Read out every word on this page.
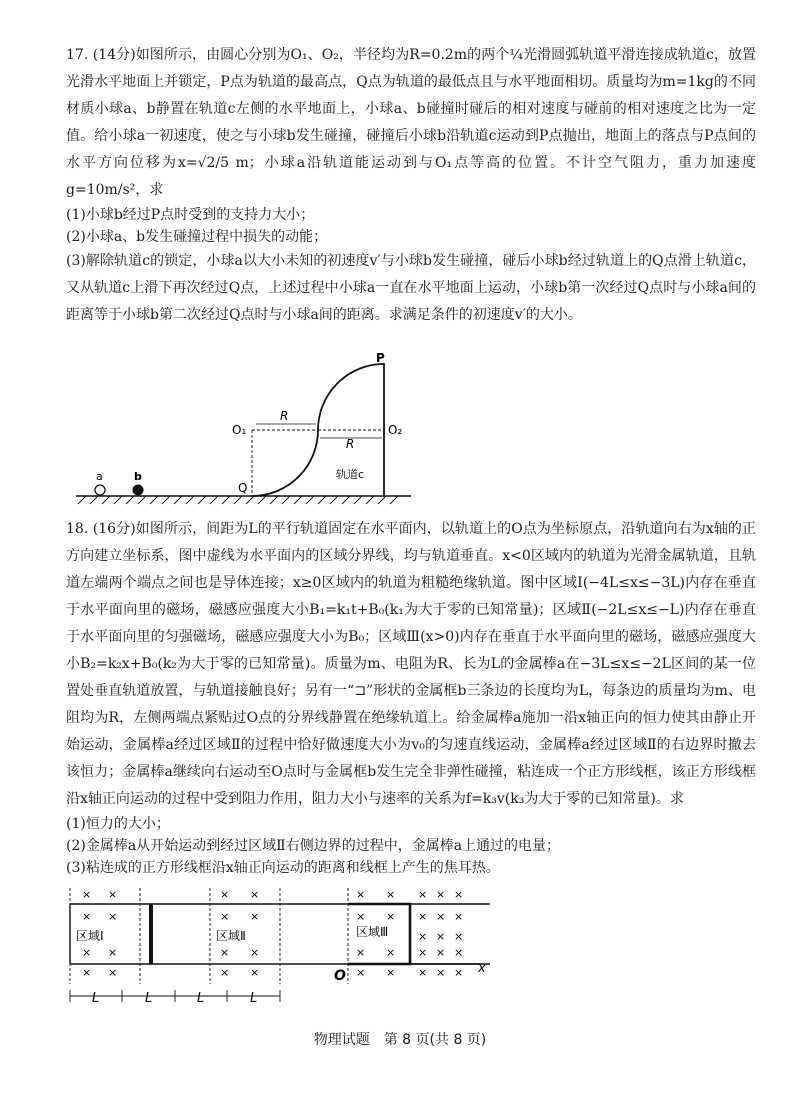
17. (14分)如图所示，由圆心分别为O₁、O₂，半径均为R=0.2m的两个¼光滑圆弧轨道平滑连接成轨道c，放置光滑水平地面上并锁定，P点为轨道的最高点，Q点为轨道的最低点且与水平地面相切。质量均为m=1kg的不同材质小球a、b静置在轨道c左侧的水平地面上，小球a、b碰撞时碰后的相对速度与碰前的相对速度之比为一定值。给小球a一初速度，使之与小球b发生碰撞，碰撞后小球b沿轨道c运动到P点抛出，地面上的落点与P点间的水平方向位移为x=√2/5 m；小球a沿轨道能运动到与O₁点等高的位置。不计空气阻力，重力加速度g=10m/s²，求

(1)小球b经过P点时受到的支持力大小；

(2)小球a、b发生碰撞过程中损失的动能；

(3)解除轨道c的锁定，小球a以大小未知的初速度v′与小球b发生碰撞，碰后小球b经过轨道上的Q点滑上轨道c，又从轨道c上滑下再次经过Q点，上述过程中小球a一直在水平地面上运动，小球b第一次经过Q点时与小球a间的距离等于小球b第二次经过Q点时与小球a间的距离。求满足条件的初速度v′的大小。

a	b
R
R
P
O₁	O₂
Q
轨道c

18. (16分)如图所示，间距为L的平行轨道固定在水平面内，以轨道上的O点为坐标原点，沿轨道向右为x轴的正方向建立坐标系，图中虚线为水平面内的区域分界线，均与轨道垂直。x<0区域内的轨道为光滑金属轨道，且轨道左端两个端点之间也是导体连接；x≥0区域内的轨道为粗糙绝缘轨道。图中区域Ⅰ(−4L≤x≤−3L)内存在垂直于水平面向里的磁场，磁感应强度大小B₁=k₁t+B₀(k₁为大于零的已知常量)；区域Ⅱ(−2L≤x≤−L)内存在垂直于水平面向里的匀强磁场，磁感应强度大小为B₀；区域Ⅲ(x>0)内存在垂直于水平面向里的磁场，磁感应强度大小B₂=k₂x+B₀(k₂为大于零的已知常量)。质量为m、电阻为R、长为L的金属棒a在−3L≤x≤−2L区间的某一位置处垂直轨道放置，与轨道接触良好；另有一“⊐”形状的金属框b三条边的长度均为L，每条边的质量均为m、电阻均为R，左侧两端点紧贴过O点的分界线静置在绝缘轨道上。给金属棒a施加一沿x轴正向的恒力使其由静止开始运动，金属棒a经过区域Ⅱ的过程中恰好做速度大小为v₀的匀速直线运动，金属棒a经过区域Ⅱ的右边界时撤去该恒力；金属棒a继续向右运动至O点时与金属框b发生完全非弹性碰撞，粘连成一个正方形线框，该正方形线框沿x轴正向运动的过程中受到阻力作用，阻力大小与速率的关系为f=k₃v(k₃为大于零的已知常量)。求

(1)恒力的大小；

(2)金属棒a从开始运动到经过区域Ⅱ右侧边界的过程中，金属棒a上通过的电量；

(3)粘连成的正方形线框沿x轴正向运动的距离和线框上产生的焦耳热。

区域Ⅰ	区域Ⅱ	区域Ⅲ
× ×
× ×
× ×
× ×
× ×
× ×
× ×
× ×
× × × × ×
× × × × ×
× × ×
× × × × ×
× × × × ×
O	x
L	L	L	L
物理试题　第 8 页(共 8 页)
